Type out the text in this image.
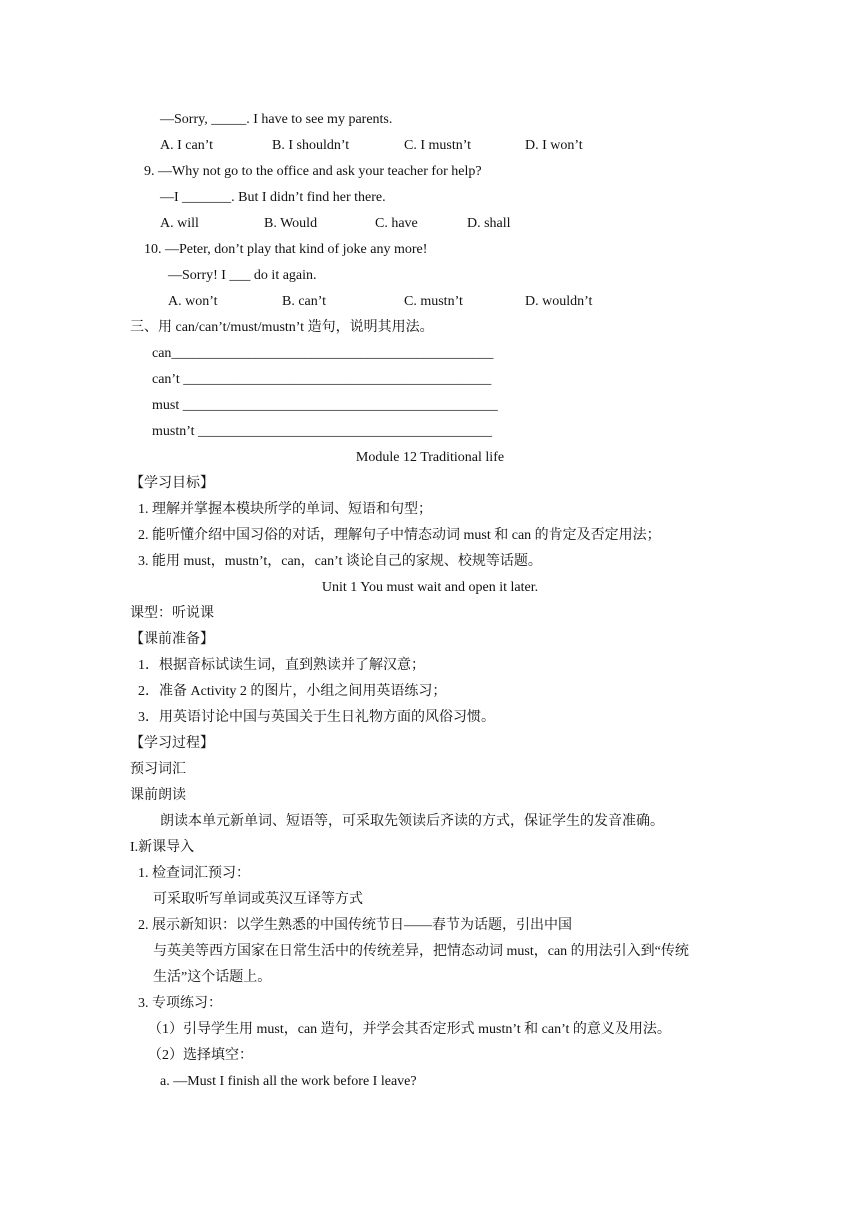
—Sorry, _____. I have to see my parents.
A. I can’t	B. I shouldn’t	C. I mustn’t	D. I won’t
9. —Why not go to the office and ask your teacher for help?
—I _______. But I didn’t find her there.
A. will	B. Would	C. have	D. shall
10. —Peter, don’t play that kind of joke any more!
—Sorry! I ___ do it again.
A. won’t	B. can’t	C. mustn’t	D. wouldn’t
三、用 can/can’t/must/mustn’t 造句，说明其用法。
can______________________________________________
can’t ____________________________________________
must _____________________________________________
mustn’t __________________________________________
Module 12 Traditional life
【学习目标】
1. 理解并掌握本模块所学的单词、短语和句型；
2. 能听懂介绍中国习俗的对话，理解句子中情态动词 must 和 can 的肯定及否定用法；
3. 能用 must，mustn’t，can，can’t 谈论自己的家规、校规等话题。
Unit 1 You must wait and open it later.
课型：听说课
【课前准备】
1．根据音标试读生词，直到熟读并了解汉意；
2．准备 Activity 2 的图片，小组之间用英语练习；
3．用英语讨论中国与英国关于生日礼物方面的风俗习惯。
【学习过程】
预习词汇
课前朗读
朗读本单元新单词、短语等，可采取先领读后齐读的方式，保证学生的发音准确。
I.新课导入
1. 检查词汇预习：
可采取听写单词或英汉互译等方式
2. 展示新知识：以学生熟悉的中国传统节日——春节为话题，引出中国
与英美等西方国家在日常生活中的传统差异，把情态动词 must，can 的用法引入到“传统
生活”这个话题上。
3. 专项练习：
（1）引导学生用 must，can 造句，并学会其否定形式 mustn’t 和 can’t 的意义及用法。
（2）选择填空：
a. —Must I finish all the work before I leave?
